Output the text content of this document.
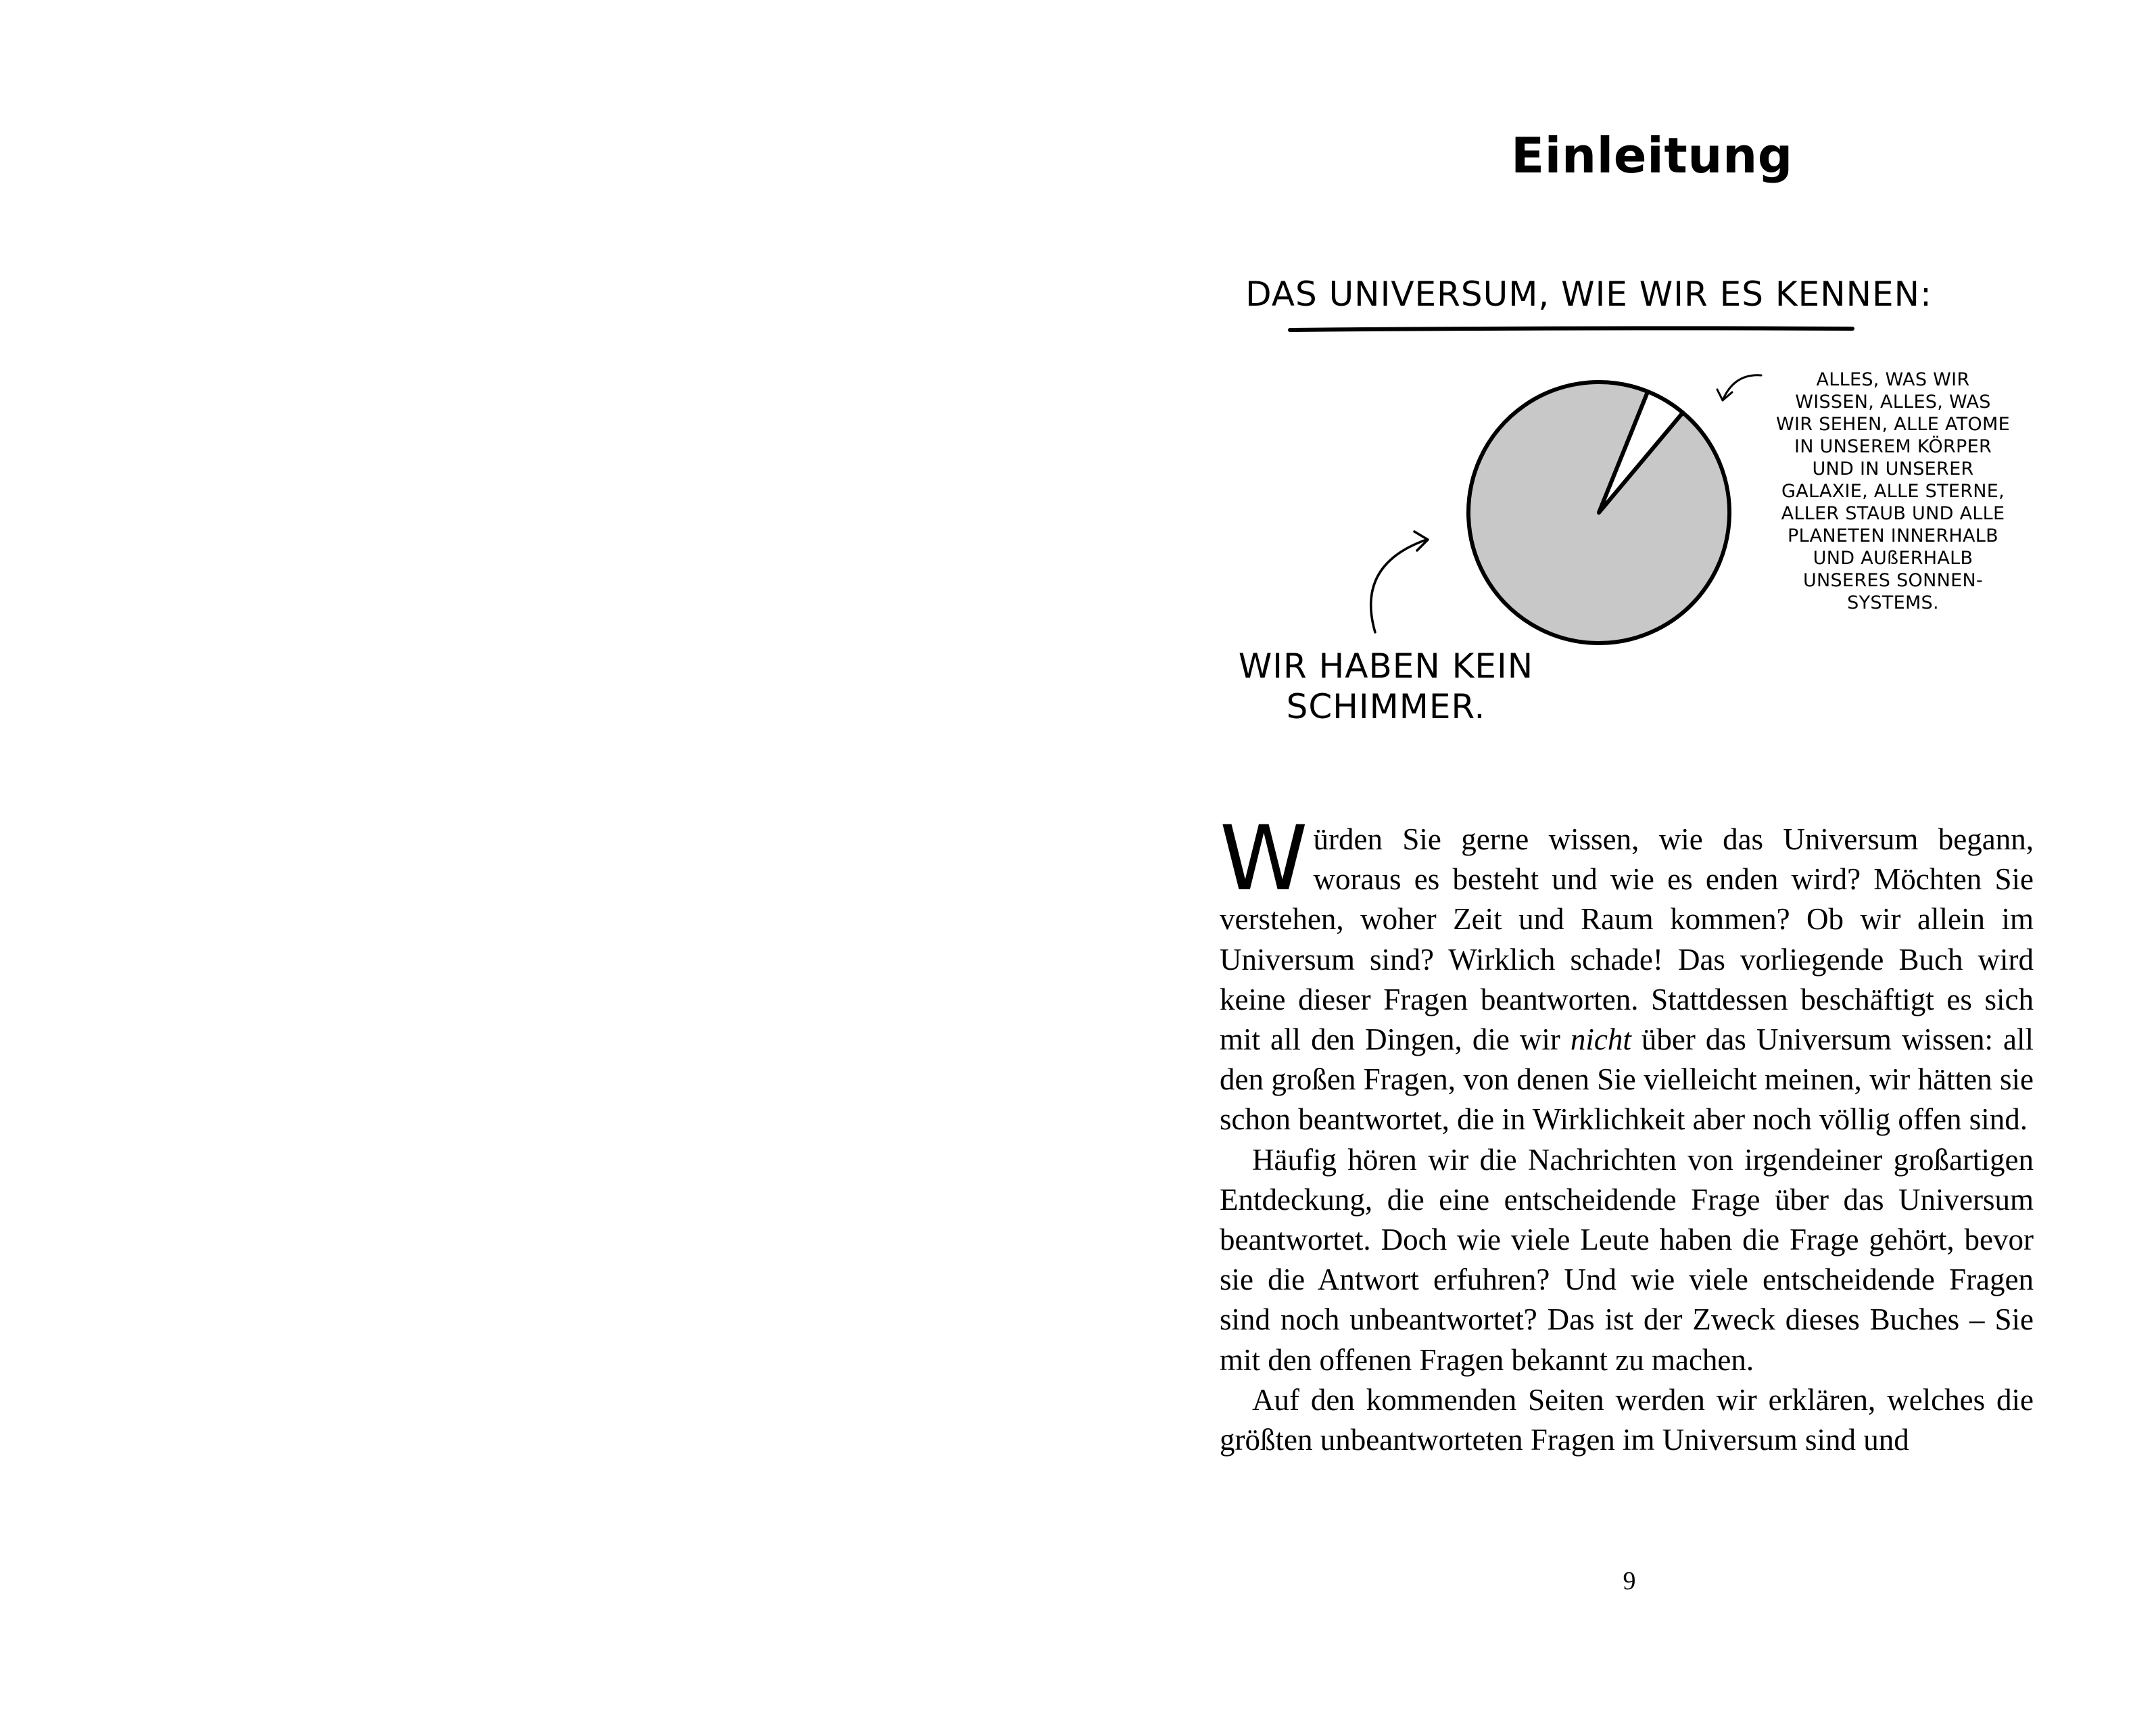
Einleitung
DAS UNIVERSUM, WIE WIR ES KENNEN:
ALLES, WAS WIR
WISSEN, ALLES, WAS
WIR SEHEN, ALLE ATOME
IN UNSEREM KÖRPER
UND IN UNSERER
GALAXIE, ALLE STERNE,
ALLER STAUB UND ALLE
PLANETEN INNERHALB
UND AUßERHALB
UNSERES SONNEN-
SYSTEMS.
WIR HABEN KEIN
SCHIMMER.

Würden Sie gerne wissen, wie das Universum begann, woraus es besteht und wie es enden wird? Möchten Sie verstehen, woher Zeit und Raum kommen? Ob wir allein im Universum sind? Wirklich schade! Das vorliegende Buch wird keine dieser Fragen beantworten. Stattdessen beschäftigt es sich mit all den Dingen, die wir nicht über das Universum wissen: all den großen Fragen, von denen Sie vielleicht meinen, wir hätten sie schon beantwortet, die in Wirklichkeit aber noch völlig offen sind.

Häufig hören wir die Nachrichten von irgendeiner großartigen Entdeckung, die eine entscheidende Frage über das Universum beantwortet. Doch wie viele Leute haben die Frage gehört, bevor sie die Antwort erfuhren? Und wie viele entscheidende Fragen sind noch unbeantwortet? Das ist der Zweck dieses Buches – Sie mit den offenen Fragen bekannt zu machen.

Auf den kommenden Seiten werden wir erklären, welches die größten unbeantworteten Fragen im Universum sind und

9
